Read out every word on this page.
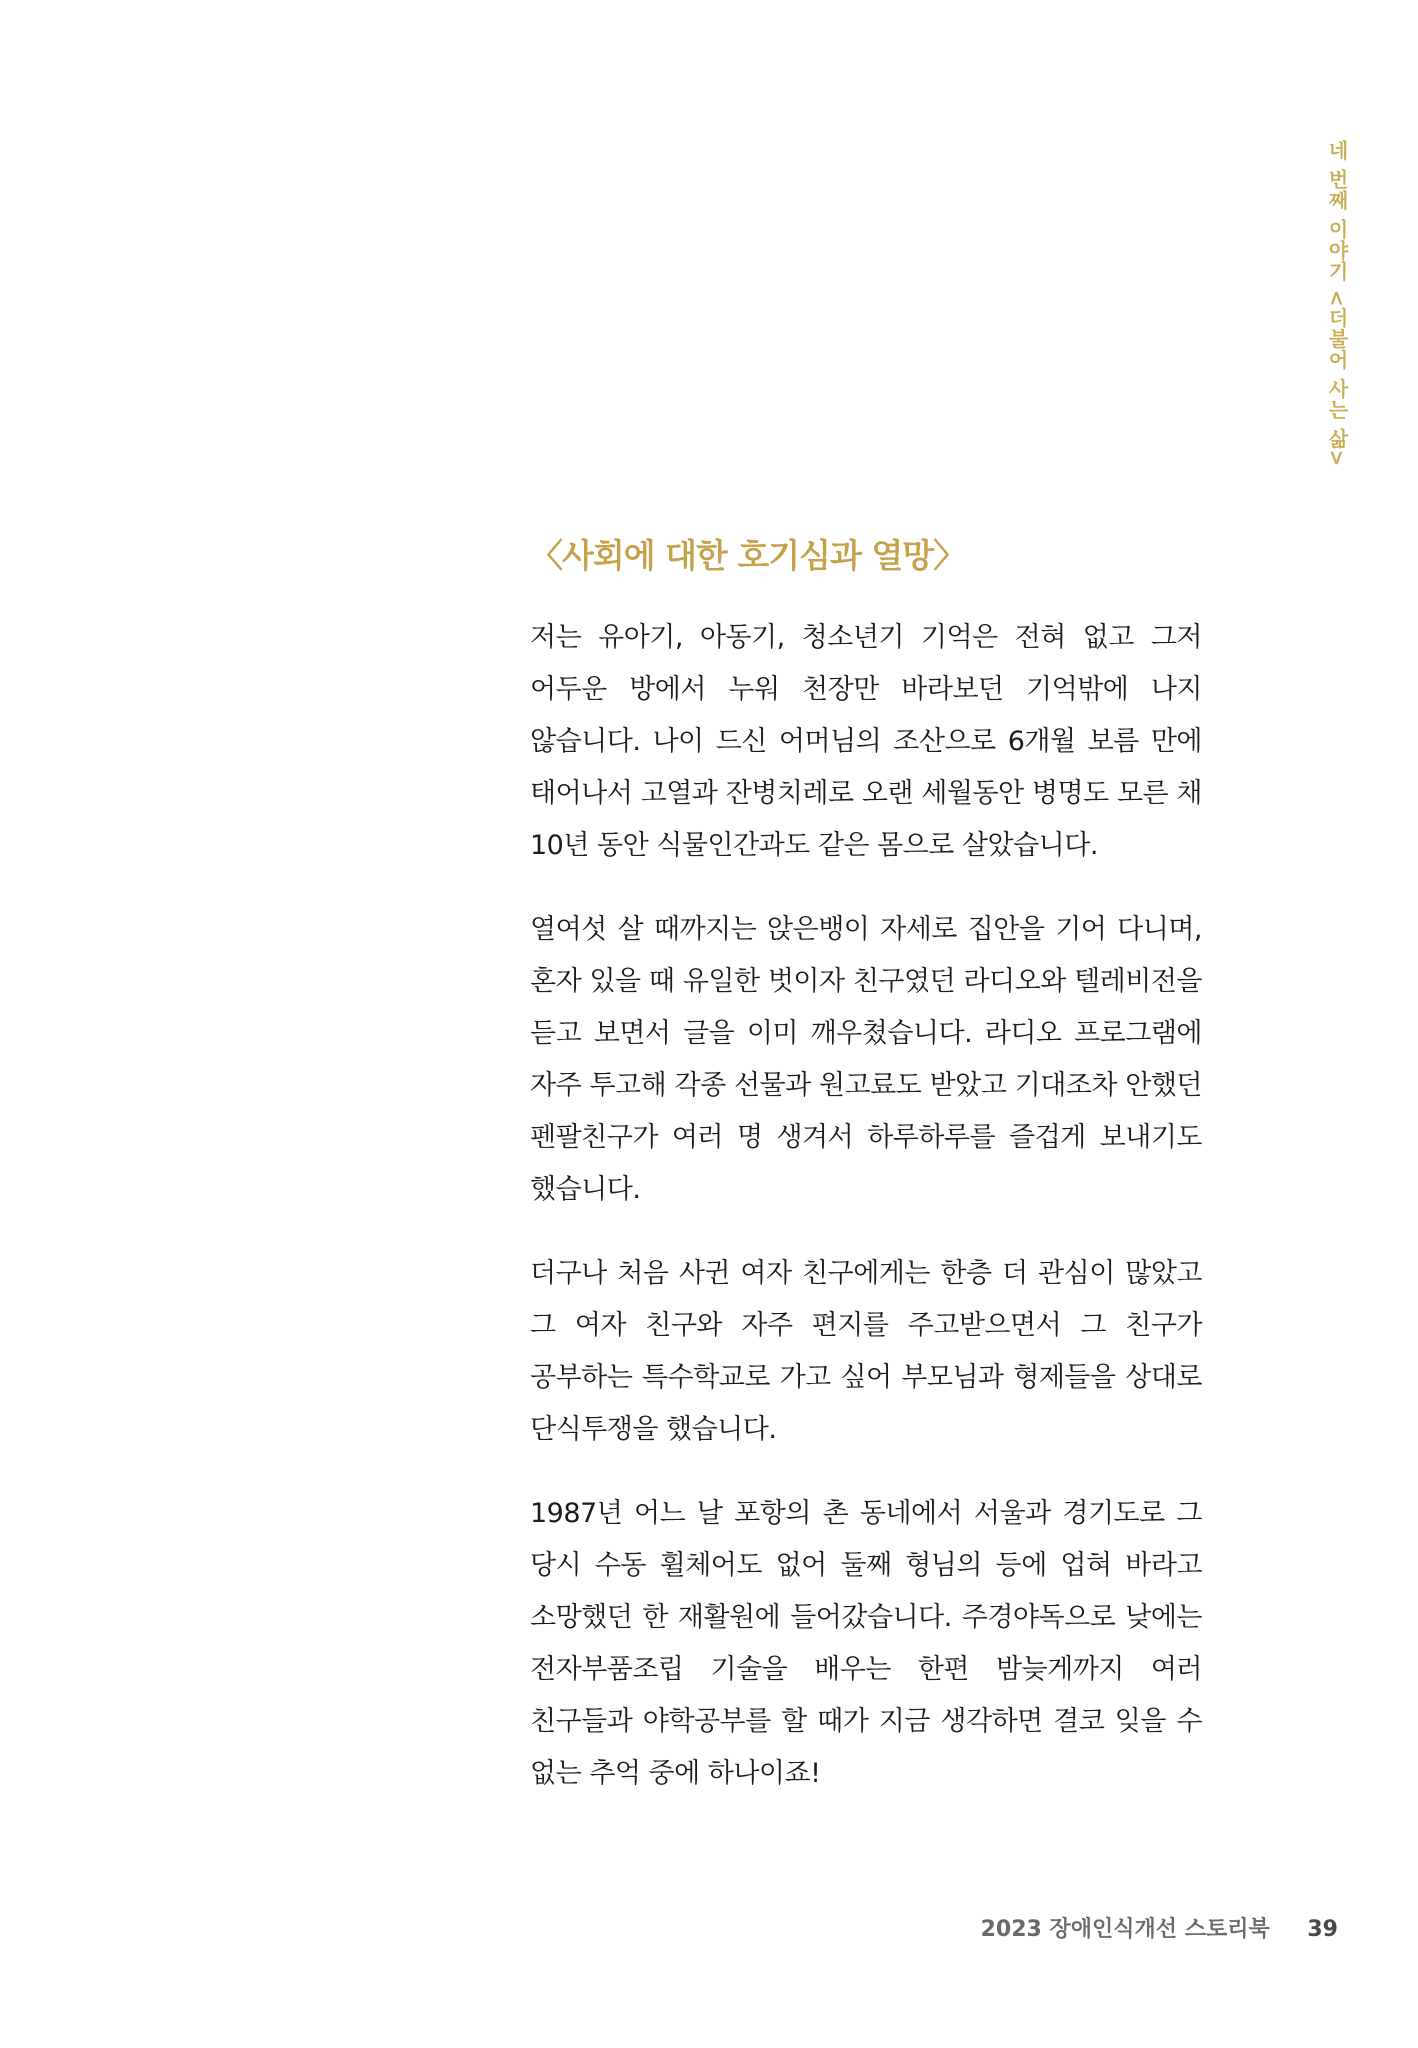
네 번째 이야기 <더불어 사는 삶>
〈사회에 대한 호기심과 열망〉

저는 유아기, 아동기, 청소년기 기억은 전혀 없고 그저 어두운 방에서 누워 천장만 바라보던 기억밖에 나지 않습니다. 나이 드신 어머님의 조산으로 6개월 보름 만에 태어나서 고열과 잔병치레로 오랜 세월동안 병명도 모른 채 10년 동안 식물인간과도 같은 몸으로 살았습니다.

열여섯 살 때까지는 앉은뱅이 자세로 집안을 기어 다니며, 혼자 있을 때 유일한 벗이자 친구였던 라디오와 텔레비전을 듣고 보면서 글을 이미 깨우쳤습니다. 라디오 프로그램에 자주 투고해 각종 선물과 원고료도 받았고 기대조차 안했던 펜팔친구가 여러 명 생겨서 하루하루를 즐겁게 보내기도 했습니다.

더구나 처음 사귄 여자 친구에게는 한층 더 관심이 많았고 그 여자 친구와 자주 편지를 주고받으면서 그 친구가 공부하는 특수학교로 가고 싶어 부모님과 형제들을 상대로 단식투쟁을 했습니다.

1987년 어느 날 포항의 촌 동네에서 서울과 경기도로 그 당시 수동 휠체어도 없어 둘째 형님의 등에 업혀 바라고 소망했던 한 재활원에 들어갔습니다. 주경야독으로 낮에는 전자부품조립 기술을 배우는 한편 밤늦게까지 여러 친구들과 야학공부를 할 때가 지금 생각하면 결코 잊을 수 없는 추억 중에 하나이죠!

2023 장애인식개선 스토리북 39
